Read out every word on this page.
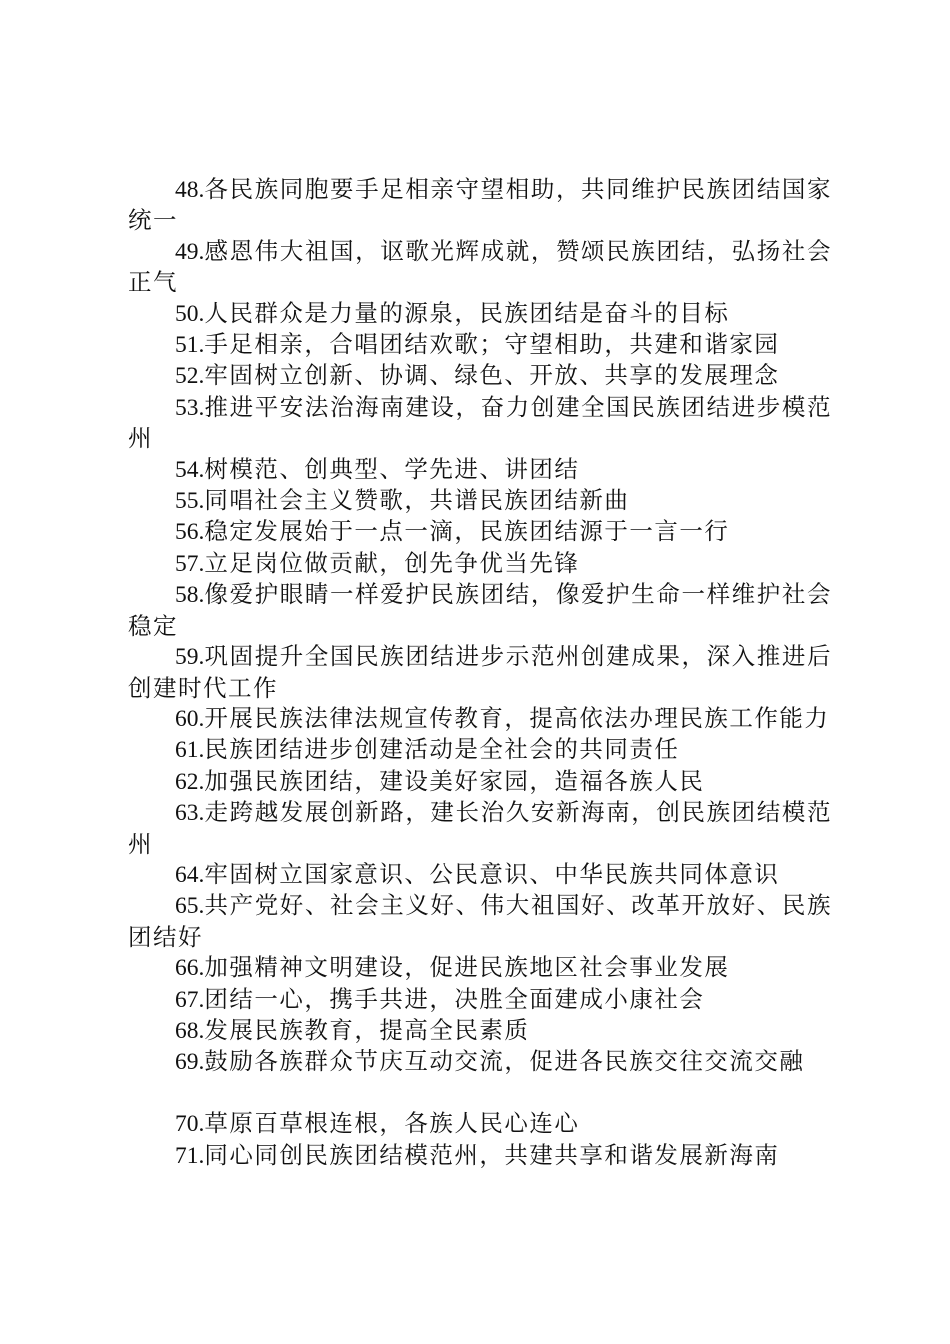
48.各民族同胞要手足相亲守望相助，共同维护民族团结国家统一

49.感恩伟大祖国，讴歌光辉成就，赞颂民族团结，弘扬社会正气

50.人民群众是力量的源泉，民族团结是奋斗的目标

51.手足相亲，合唱团结欢歌；守望相助，共建和谐家园

52.牢固树立创新、协调、绿色、开放、共享的发展理念

53.推进平安法治海南建设，奋力创建全国民族团结进步模范州

54.树模范、创典型、学先进、讲团结

55.同唱社会主义赞歌，共谱民族团结新曲

56.稳定发展始于一点一滴，民族团结源于一言一行

57.立足岗位做贡献，创先争优当先锋

58.像爱护眼睛一样爱护民族团结，像爱护生命一样维护社会稳定

59.巩固提升全国民族团结进步示范州创建成果，深入推进后创建时代工作

60.开展民族法律法规宣传教育，提高依法办理民族工作能力

61.民族团结进步创建活动是全社会的共同责任

62.加强民族团结，建设美好家园，造福各族人民

63.走跨越发展创新路，建长治久安新海南，创民族团结模范州

64.牢固树立国家意识、公民意识、中华民族共同体意识

65.共产党好、社会主义好、伟大祖国好、改革开放好、民族团结好

66.加强精神文明建设，促进民族地区社会事业发展

67.团结一心，携手共进，决胜全面建成小康社会

68.发展民族教育，提高全民素质

69.鼓励各族群众节庆互动交流，促进各民族交往交流交融

70.草原百草根连根，各族人民心连心

71.同心同创民族团结模范州，共建共享和谐发展新海南
